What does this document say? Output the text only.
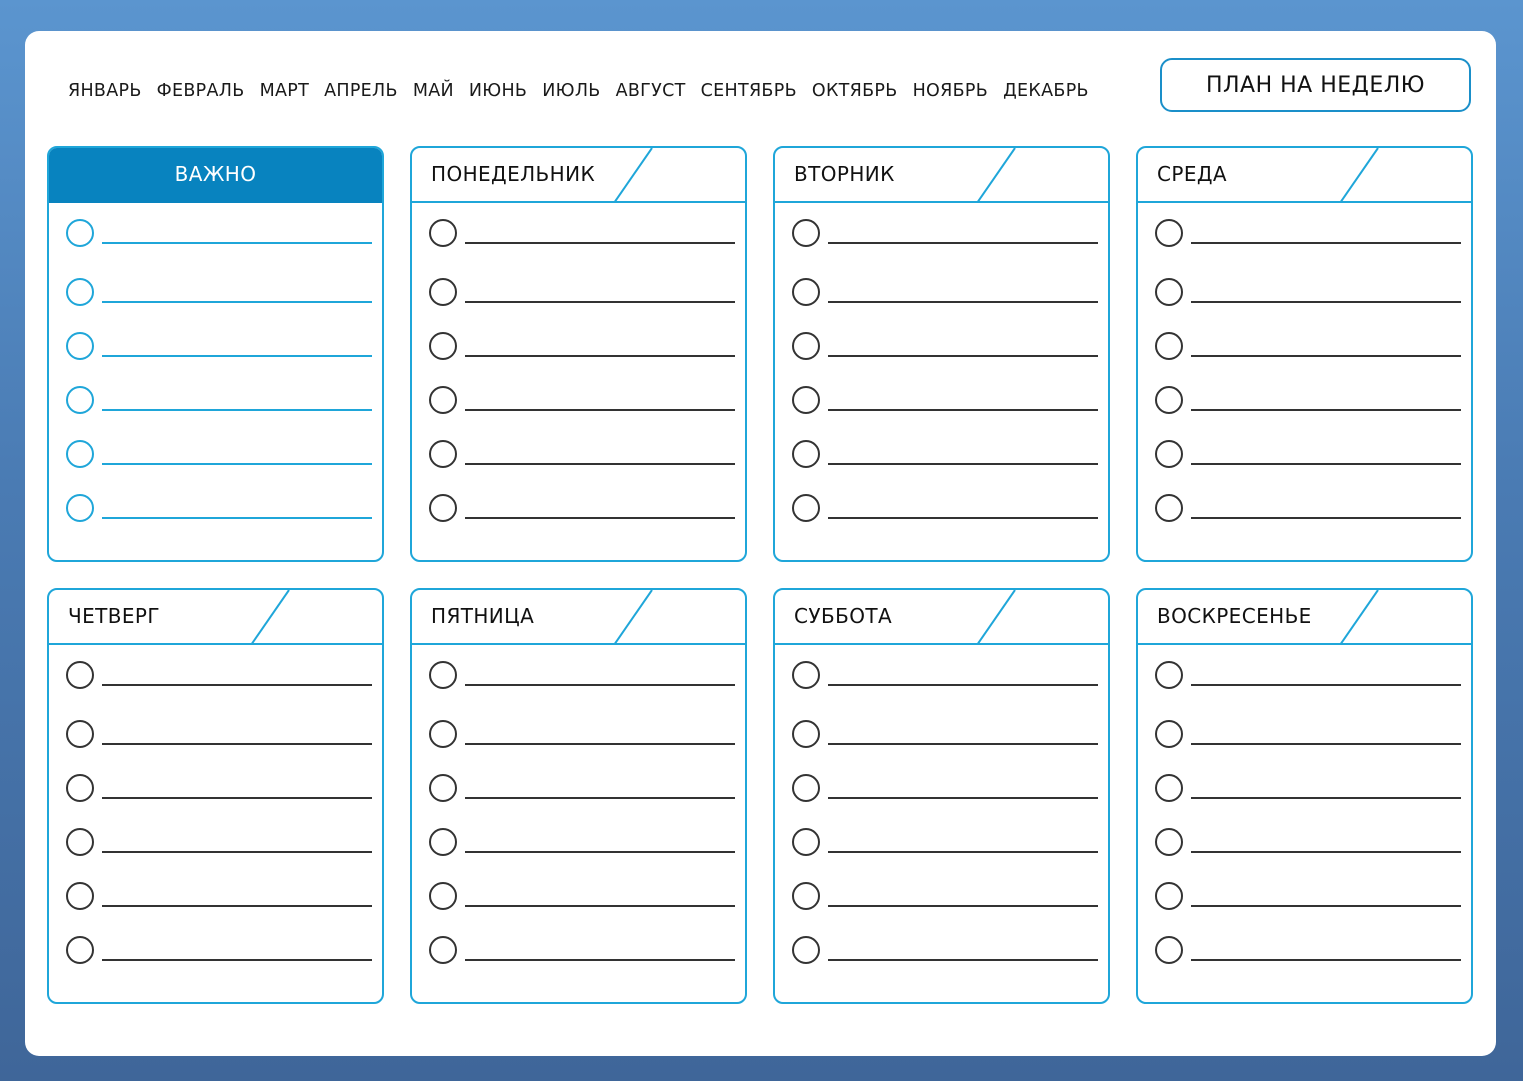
ЯНВАРЬ ФЕВРАЛЬ МАРТ АПРЕЛЬ МАЙ ИЮНЬ ИЮЛЬ АВГУСТ СЕНТЯБРЬ ОКТЯБРЬ НОЯБРЬ ДЕКАБРЬ	ПЛАН НА НЕДЕЛЮ
ВАЖНО	ПОНЕДЕЛЬНИК	ВТОРНИК	СРЕДА
ЧЕТВЕРГ	ПЯТНИЦА	СУББОТА	ВОСКРЕСЕНЬЕ
